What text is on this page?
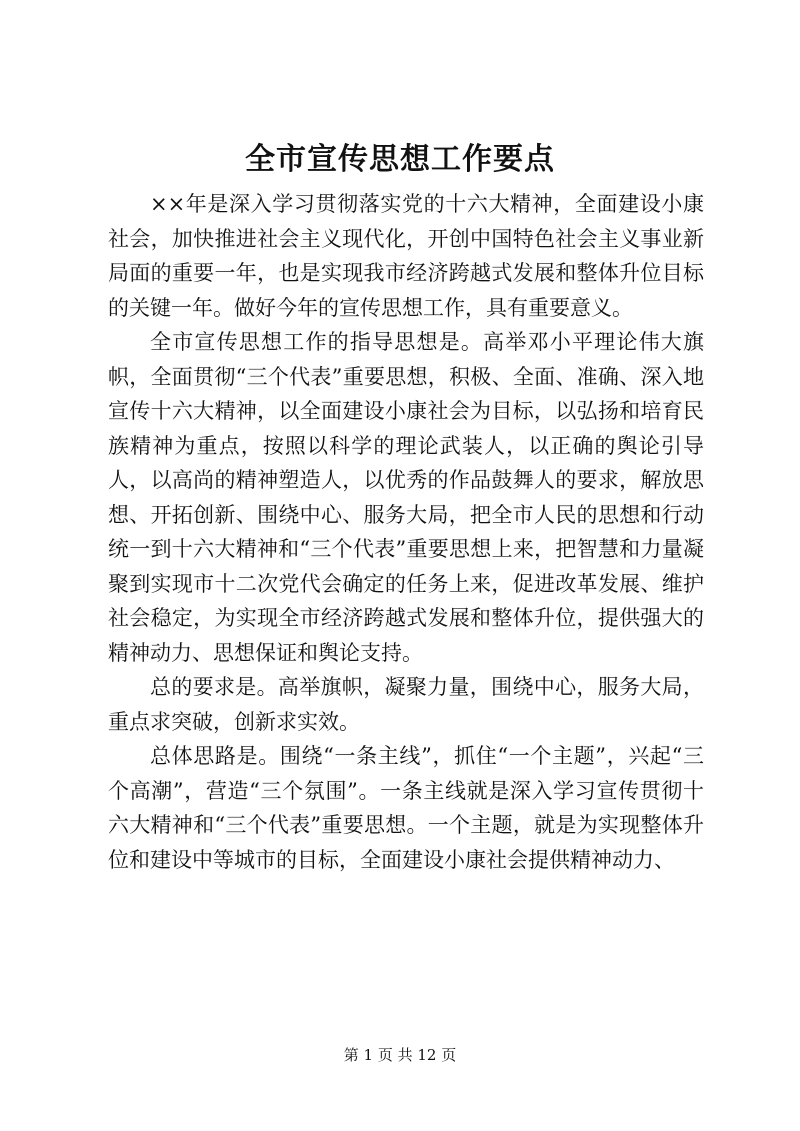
全市宣传思想工作要点

××年是深入学习贯彻落实党的十六大精神，全面建设小康社会，加快推进社会主义现代化，开创中国特色社会主义事业新局面的重要一年，也是实现我市经济跨越式发展和整体升位目标的关键一年。做好今年的宣传思想工作，具有重要意义。

全市宣传思想工作的指导思想是。高举邓小平理论伟大旗帜，全面贯彻“三个代表”重要思想，积极、全面、准确、深入地宣传十六大精神，以全面建设小康社会为目标，以弘扬和培育民族精神为重点，按照以科学的理论武装人，以正确的舆论引导人，以高尚的精神塑造人，以优秀的作品鼓舞人的要求，解放思想、开拓创新、围绕中心、服务大局，把全市人民的思想和行动统一到十六大精神和“三个代表”重要思想上来，把智慧和力量凝聚到实现市十二次党代会确定的任务上来，促进改革发展、维护社会稳定，为实现全市经济跨越式发展和整体升位，提供强大的精神动力、思想保证和舆论支持。

总的要求是。高举旗帜，凝聚力量，围绕中心，服务大局，重点求突破，创新求实效。

总体思路是。围绕“一条主线”，抓住“一个主题”，兴起“三个高潮”，营造“三个氛围”。一条主线就是深入学习宣传贯彻十六大精神和“三个代表”重要思想。一个主题，就是为实现整体升位和建设中等城市的目标，全面建设小康社会提供精神动力、

第 1 页 共 12 页
